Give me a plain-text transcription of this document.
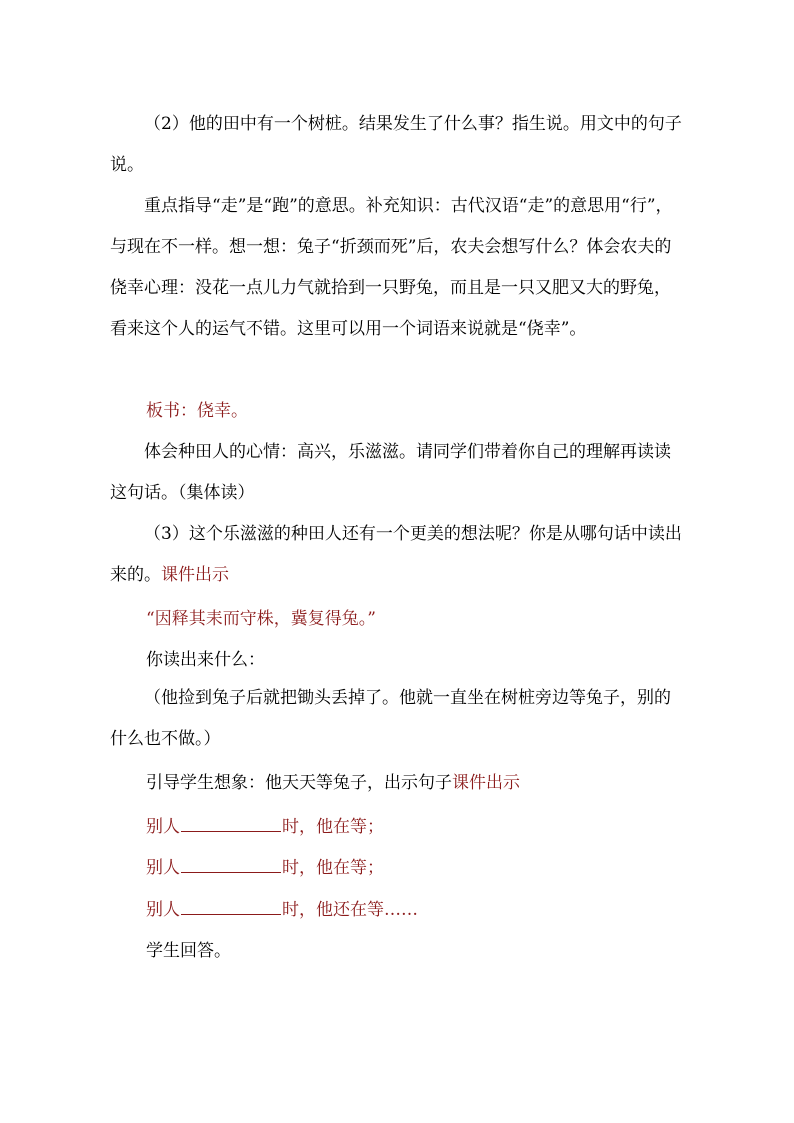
（2）他的田中有一个树桩。结果发生了什么事？指生说。用文中的句子说。

重点指导“走”是“跑”的意思。补充知识：古代汉语“走”的意思用“行”，与现在不一样。想一想：兔子“折颈而死”后，农夫会想写什么？体会农夫的侥幸心理：没花一点儿力气就拾到一只野兔，而且是一只又肥又大的野兔，看来这个人的运气不错。这里可以用一个词语来说就是“侥幸”。

板书：侥幸。

体会种田人的心情：高兴，乐滋滋。请同学们带着你自己的理解再读读这句话。（集体读）

（3）这个乐滋滋的种田人还有一个更美的想法呢？你是从哪句话中读出来的。课件出示

“因释其耒而守株，冀复得兔。”

你读出来什么：

（他捡到兔子后就把锄头丢掉了。他就一直坐在树桩旁边等兔子，别的什么也不做。）

引导学生想象：他天天等兔子，出示句子课件出示

别人	时，他在等；

别人	时，他在等；

别人	时，他还在等……

学生回答。
